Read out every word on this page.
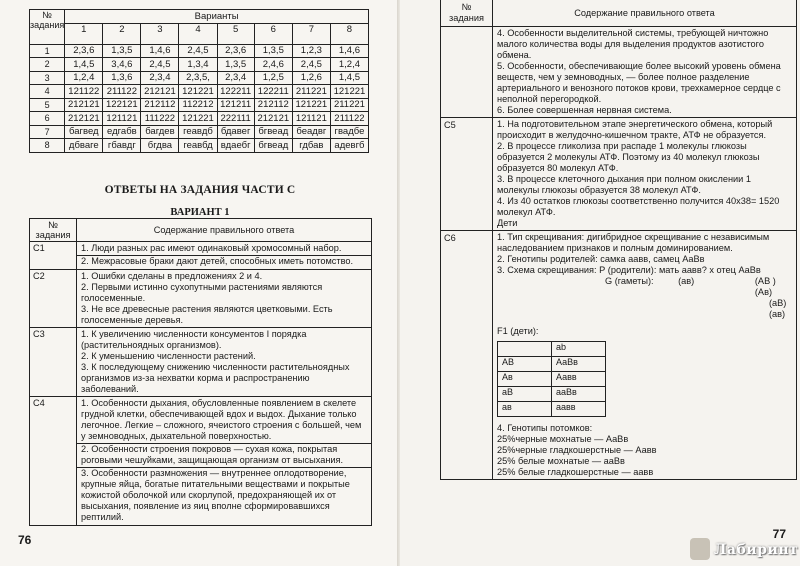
№ задания	Варианты							
	1	2	3	4	5	6	7	8
1	2,3,6	1,3,5	1,4,6	2,4,5	2,3,6	1,3,5	1,2,3	1,4,6
2	1,4,5	3,4,6	2,4,5	1,3,4	1,3,5	2,4,6	2,4,5	1,2,4
3	1,2,4	1,3,6	2,3,4	2,3,5,	2,3,4	1,2,5	1,2,6	1,4,5
4	121122	211122	212121	121221	122211	122211	211221	121221
5	212121	122121	212112	112212	121211	212112	121221	211221
6	212121	121121	111222	121221	222111	212121	121121	211122
7	багвед	едгабв	багдев	геавдб	бдавег	бгвеад	беадвг	гвадбе
8	дбваге	гбавдг	бгдва	геавбд	вдаебг	бгвеад	гдбав	адевгб
ОТВЕТЫ НА ЗАДАНИЯ ЧАСТИ С
ВАРИАНТ 1
№ задания	Содержание правильного ответа
С1	1. Люди разных рас имеют одинаковый хромосомный набор.
2. Межрасовые браки дают детей, способных иметь потомство.

С2	1. Ошибки сделаны в предложениях 2 и 4.
2. Первыми истинно сухопутными растениями являются голосеменные.
3. Не все древесные растения являются цветковыми. Есть голосеменные деревья.

С3	1. К увеличению численности консументов I порядка (растительноядных организмов).
2. К уменьшению численности растений.
3. К последующему снижению численности растительноядных организмов из-за нехватки корма и распространению заболеваний.

С4	1. Особенности дыхания, обусловленные появлением в скелете грудной клетки, обеспечивающей вдох и выдох. Дыхание только легочное. Легкие – сложного, ячеистого строения с большей, чем у земноводных, дыхательной поверхностью.
2. Особенности строения покровов — сухая кожа, покрытая роговыми чешуйками, защищающая организм от высыхания.
3. Особенности размножения — внутреннее оплодотворение, крупные яйца, богатые питательными веществами и покрытые кожистой оболочкой или скорлупой, предохраняющей их от высыхания, появление из яиц вполне сформировавшихся рептилий.
76
№ задания	Содержание правильного ответа

4. Особенности выделительной системы, требующей ничтожно малого количества воды для выделения продуктов азотистого обмена.
5. Особенности, обеспечивающие более высокий уровень обмена веществ, чем у земноводных, — более полное разделение артериального и венозного потоков крови, трехкамерное сердце с неполной перегородкой.
6. Более совершенная нервная система.

С5	1. На подготовительном этапе энергетического обмена, который происходит в желудочно-кишечном тракте, АТФ не образуется.
2. В процессе гликолиза при распаде 1 молекулы глюкозы образуется 2 молекулы АТФ. Поэтому из 40 молекул глюкозы образуется 80 молекул АТФ.
3. В процессе клеточного дыхания при полном окислении 1 молекулы глюкозы образуется 38 молекул АТФ.
4. Из 40 остатков глюкозы соответственно получится 40х38= 1520 молекул АТФ.
Дети

С6	1. Тип скрещивания: дигибридное скрещивание с независимым наследованием признаков и полным доминированием.
2. Генотипы родителей: самка аавв, самец АаВв
3. Схема скрещивания: Р (родители): мать аавв? х отец АаВв
G (гаметы):	(ав)	(АВ ) (Ав)
(аВ) (ав)
F1 (дети):
	ab
АВ	АаВв
Ав	Аавв
аВ	ааВв
ав	аавв
4. Генотипы потомков:
25%черные мохнатые — АаВв
25%черные гладкошерстные — Аавв
25% белые мохнатые — ааВв
25% белые гладкошерстные — аавв
77
Лабиринт
